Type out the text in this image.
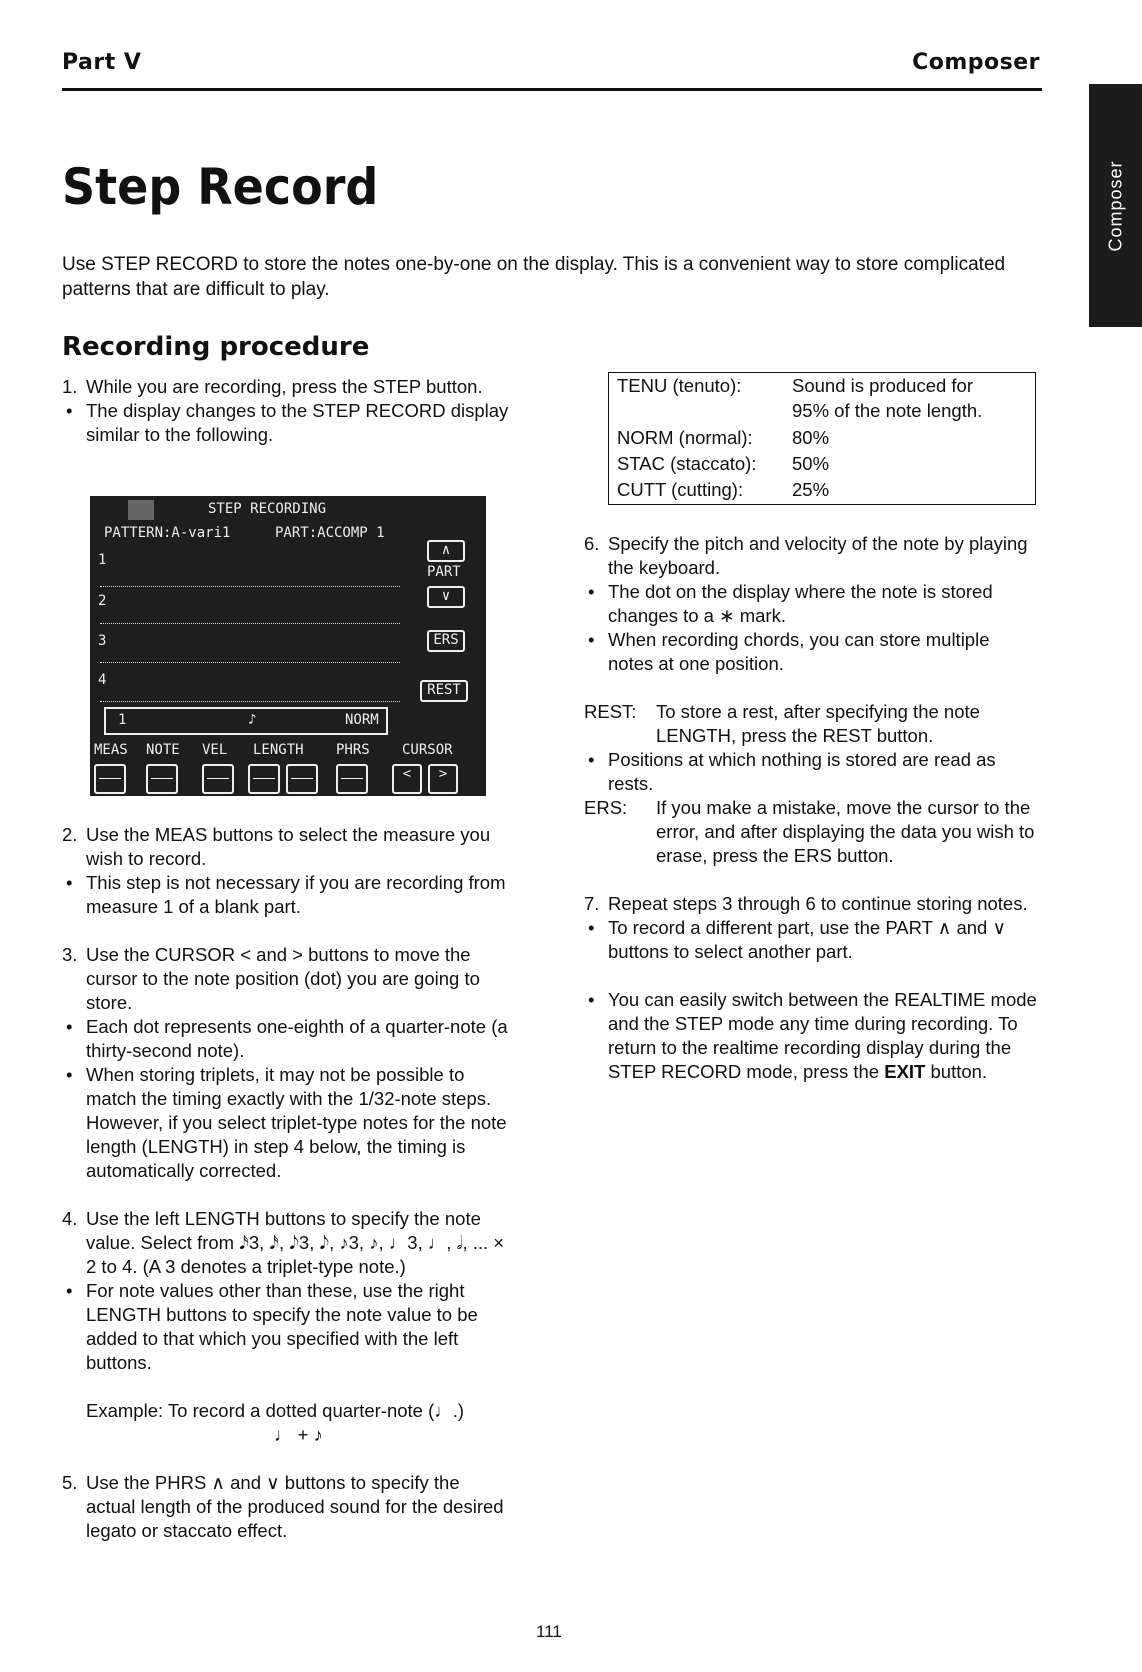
Part V	Composer
Composer
Step Record
Use STEP RECORD to store the notes one-by-one on the display. This is a convenient way to store complicated patterns that are difficult to play.
Recording procedure

1. While you are recording, press the STEP button.

• The display changes to the STEP RECORD display similar to the following.

STEP RECORDING
PATTERN:A-vari1	PART:ACCOMP 1
1
2
3
4
∧
PART
∨
ERS
REST
1	♪	NORM
MEAS NOTE VEL LENGTH PHRS CURSOR
<	>

2. Use the MEAS buttons to select the measure you wish to record.

• This step is not necessary if you are recording from measure 1 of a blank part.

3. Use the CURSOR < and > buttons to move the cursor to the note position (dot) you are going to store.

• Each dot represents one-eighth of a quarter-note (a thirty-second note).

• When storing triplets, it may not be possible to match the timing exactly with the 1/32-note steps. However, if you select triplet-type notes for the note length (LENGTH) in step 4 below, the timing is automatically corrected.

4. Use the left LENGTH buttons to specify the note value. Select from 𝅘𝅥𝅯3, 𝅘𝅥𝅯, 𝅘𝅥𝅮3, 𝅘𝅥𝅮, ♪3, ♪, ♩3, ♩, 𝅗𝅥, ... × 2 to 4. (A 3 denotes a triplet-type note.)

• For note values other than these, use the right LENGTH buttons to specify the note value to be added to that which you specified with the left buttons.

Example: To record a dotted quarter-note (♩.)

♩ + ♪

5. Use the PHRS ∧ and ∨ buttons to specify the actual length of the produced sound for the desired legato or staccato effect.

TENU (tenuto):	Sound is produced for
95% of the note length.
NORM (normal): 80%
STAC (staccato): 50%
CUTT (cutting):	25%

6. Specify the pitch and velocity of the note by playing the keyboard.

• The dot on the display where the note is stored changes to a ∗ mark.

• When recording chords, you can store multiple notes at one position.

REST:	To store a rest, after specifying the note LENGTH, press the REST button.

• Positions at which nothing is stored are read as rests.

ERS:	If you make a mistake, move the cursor to the error, and after displaying the data you wish to erase, press the ERS button.

7. Repeat steps 3 through 6 to continue storing notes.

• To record a different part, use the PART ∧ and ∨ buttons to select another part.

• You can easily switch between the REALTIME mode and the STEP mode any time during recording. To return to the realtime recording display during the STEP RECORD mode, press the EXIT button.

111
